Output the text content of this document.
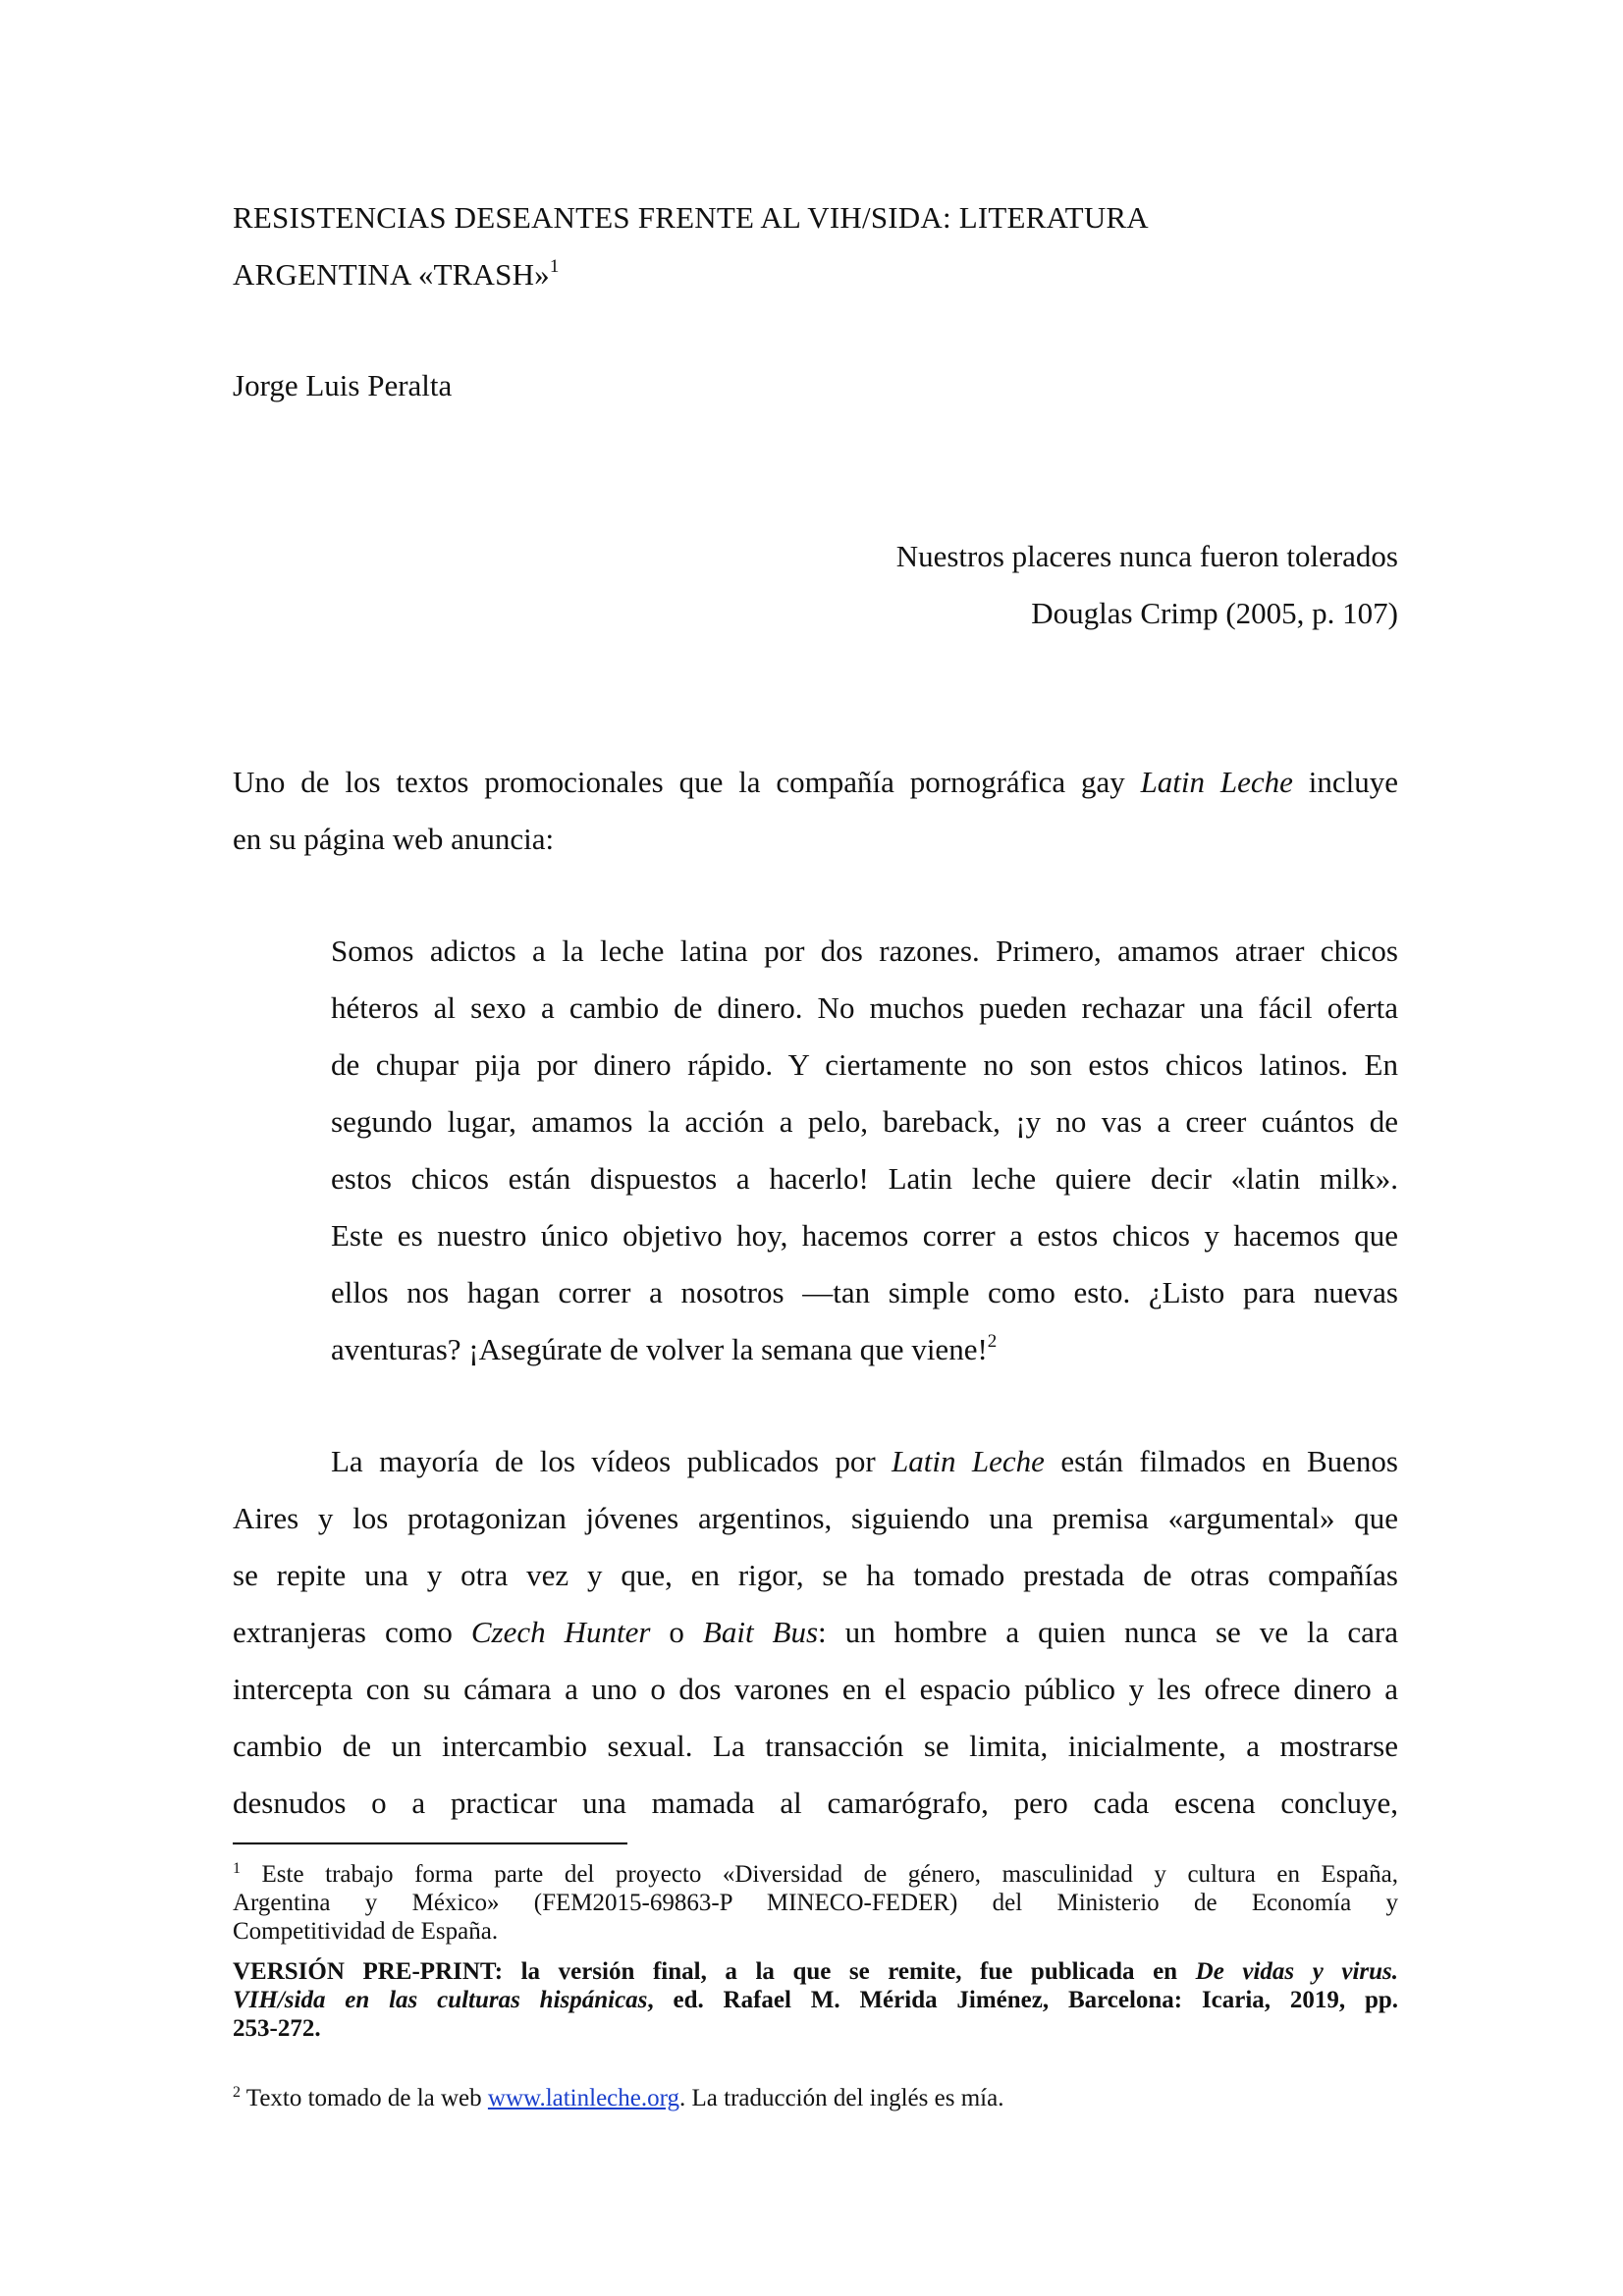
RESISTENCIAS DESEANTES FRENTE AL VIH/SIDA: LITERATURA
ARGENTINA «TRASH»$^1$
Jorge Luis Peralta
Nuestros placeres nunca fueron tolerados
Douglas Crimp (2005, p. 107)
Uno de los textos promocionales que la compañía pornográfica gay Latin Leche incluye
en su página web anuncia:
Somos adictos a la leche latina por dos razones. Primero, amamos atraer chicos
héteros al sexo a cambio de dinero. No muchos pueden rechazar una fácil oferta
de chupar pija por dinero rápido. Y ciertamente no son estos chicos latinos. En
segundo lugar, amamos la acción a pelo, bareback, ¡y no vas a creer cuántos de
estos chicos están dispuestos a hacerlo! Latin leche quiere decir «latin milk».
Este es nuestro único objetivo hoy, hacemos correr a estos chicos y hacemos que
ellos nos hagan correr a nosotros —tan simple como esto. ¿Listo para nuevas
aventuras? ¡Asegúrate de volver la semana que viene!$^2$
La mayoría de los vídeos publicados por Latin Leche están filmados en Buenos
Aires y los protagonizan jóvenes argentinos, siguiendo una premisa «argumental» que
se repite una y otra vez y que, en rigor, se ha tomado prestada de otras compañías
extranjeras como Czech Hunter o Bait Bus: un hombre a quien nunca se ve la cara
intercepta con su cámara a uno o dos varones en el espacio público y les ofrece dinero a
cambio de un intercambio sexual. La transacción se limita, inicialmente, a mostrarse
desnudos o a practicar una mamada al camarógrafo, pero cada escena concluye,
$^1$ Este trabajo forma parte del proyecto «Diversidad de género, masculinidad y cultura en España,
Argentina y México» (FEM2015-69863-P MINECO-FEDER) del Ministerio de Economía y
Competitividad de España.
VERSIÓN PRE-PRINT: la versión final, a la que se remite, fue publicada en De vidas y virus.
VIH/sida en las culturas hispánicas, ed. Rafael M. Mérida Jiménez, Barcelona: Icaria, 2019, pp.
253-272.
$^2$ Texto tomado de la web www.latinleche.org. La traducción del inglés es mía.
